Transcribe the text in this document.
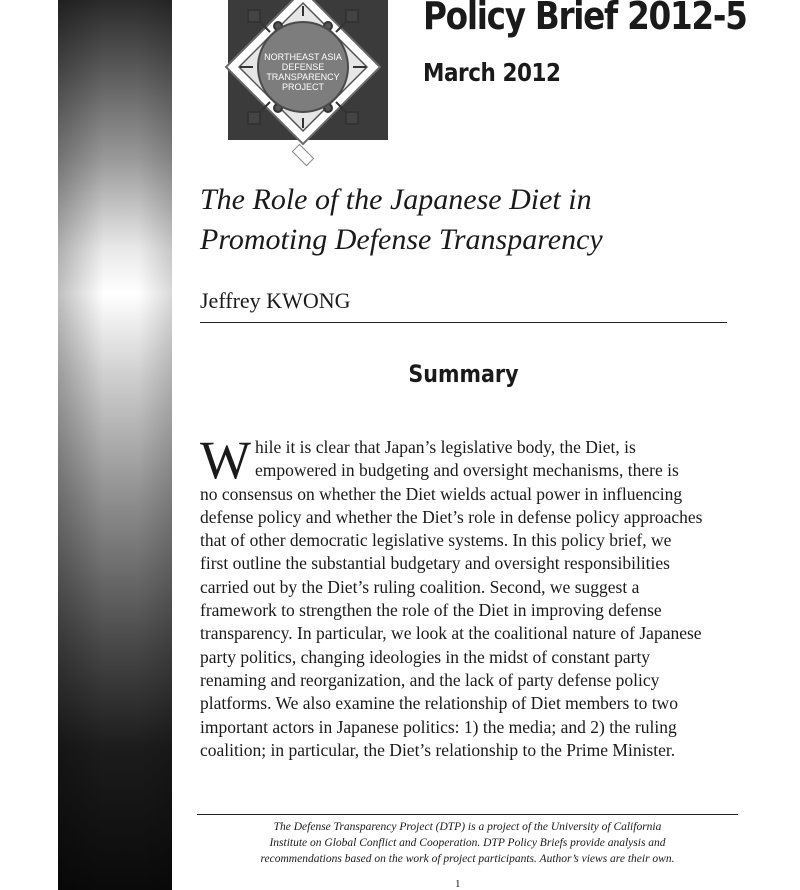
NORTHEAST ASIA
DEFENSE
TRANSPARENCY
PROJECT
Policy Brief 2012-5
March 2012
The Role of the Japanese Diet in
Promoting Defense Transparency
Jeffrey KWONG
Summary
W hile it is clear that Japan’s legislative body, the Diet, is
empowered in budgeting and oversight mechanisms, there is
no consensus on whether the Diet wields actual power in influencing
defense policy and whether the Diet’s role in defense policy approaches
that of other democratic legislative systems. In this policy brief, we
first outline the substantial budgetary and oversight responsibilities
carried out by the Diet’s ruling coalition. Second, we suggest a
framework to strengthen the role of the Diet in improving defense
transparency. In particular, we look at the coalitional nature of Japanese
party politics, changing ideologies in the midst of constant party
renaming and reorganization, and the lack of party defense policy
platforms. We also examine the relationship of Diet members to two
important actors in Japanese politics: 1) the media; and 2) the ruling
coalition; in particular, the Diet’s relationship to the Prime Minister.
The Defense Transparency Project (DTP) is a project of the University of California
Institute on Global Conflict and Cooperation. DTP Policy Briefs provide analysis and
recommendations based on the work of project participants. Author’s views are their own.
1
